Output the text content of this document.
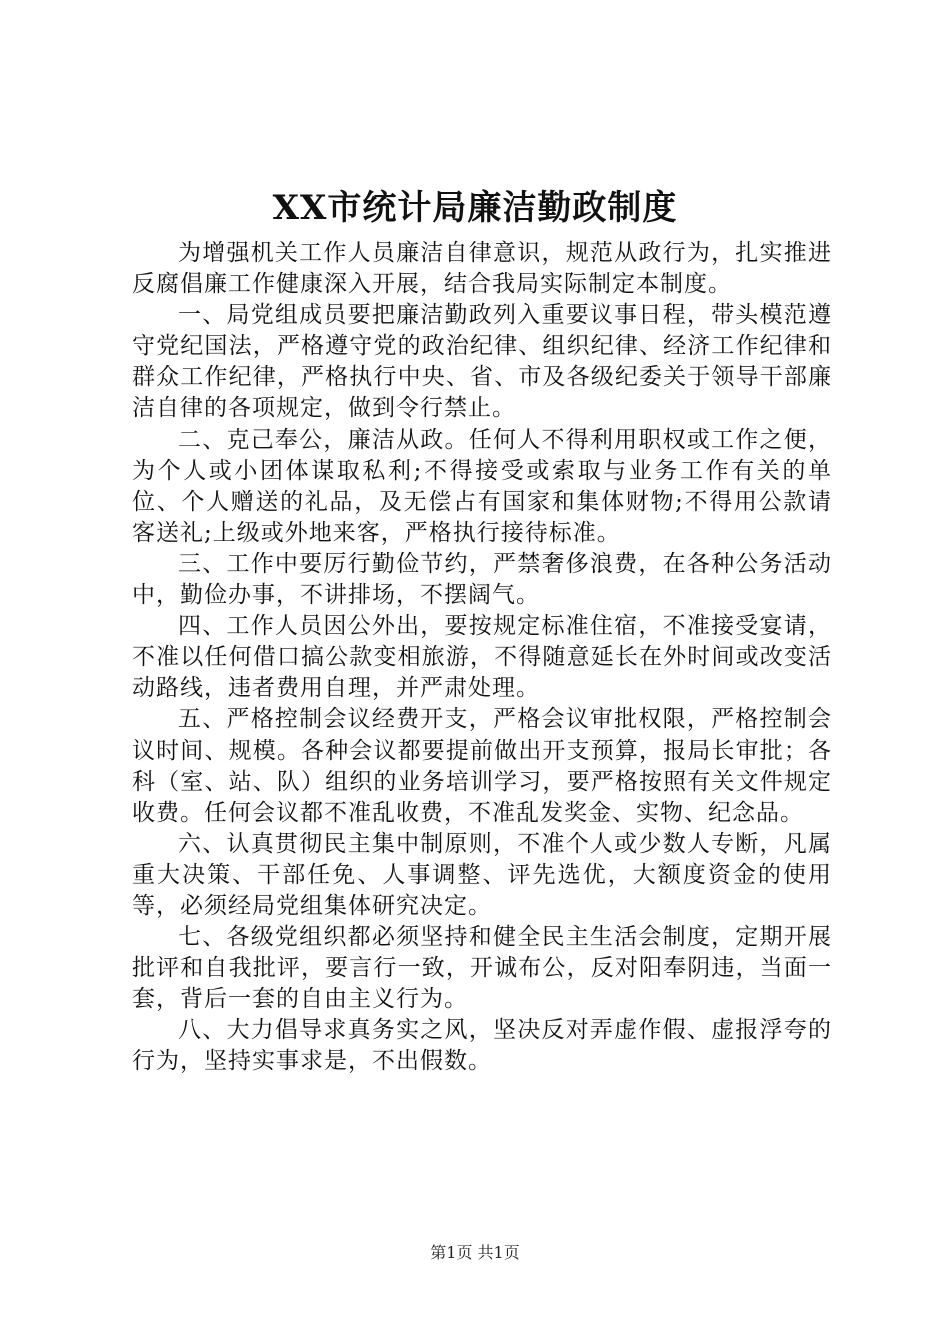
XX市统计局廉洁勤政制度

为增强机关工作人员廉洁自律意识，规范从政行为，扎实推进反腐倡廉工作健康深入开展，结合我局实际制定本制度。

一、局党组成员要把廉洁勤政列入重要议事日程，带头模范遵守党纪国法，严格遵守党的政治纪律、组织纪律、经济工作纪律和群众工作纪律，严格执行中央、省、市及各级纪委关于领导干部廉洁自律的各项规定，做到令行禁止。

二、克己奉公，廉洁从政。任何人不得利用职权或工作之便，为个人或小团体谋取私利;不得接受或索取与业务工作有关的单位、个人赠送的礼品，及无偿占有国家和集体财物;不得用公款请客送礼;上级或外地来客，严格执行接待标准。

三、工作中要厉行勤俭节约，严禁奢侈浪费，在各种公务活动中，勤俭办事，不讲排场，不摆阔气。

四、工作人员因公外出，要按规定标准住宿，不准接受宴请，不准以任何借口搞公款变相旅游，不得随意延长在外时间或改变活动路线，违者费用自理，并严肃处理。

五、严格控制会议经费开支，严格会议审批权限，严格控制会议时间、规模。各种会议都要提前做出开支预算，报局长审批；各科（室、站、队）组织的业务培训学习，要严格按照有关文件规定收费。任何会议都不准乱收费，不准乱发奖金、实物、纪念品。

六、认真贯彻民主集中制原则，不准个人或少数人专断，凡属重大决策、干部任免、人事调整、评先选优，大额度资金的使用等，必须经局党组集体研究决定。

七、各级党组织都必须坚持和健全民主生活会制度，定期开展批评和自我批评，要言行一致，开诚布公，反对阳奉阴违，当面一套，背后一套的自由主义行为。

八、大力倡导求真务实之风，坚决反对弄虚作假、虚报浮夸的行为，坚持实事求是，不出假数。

第1页 共1页
